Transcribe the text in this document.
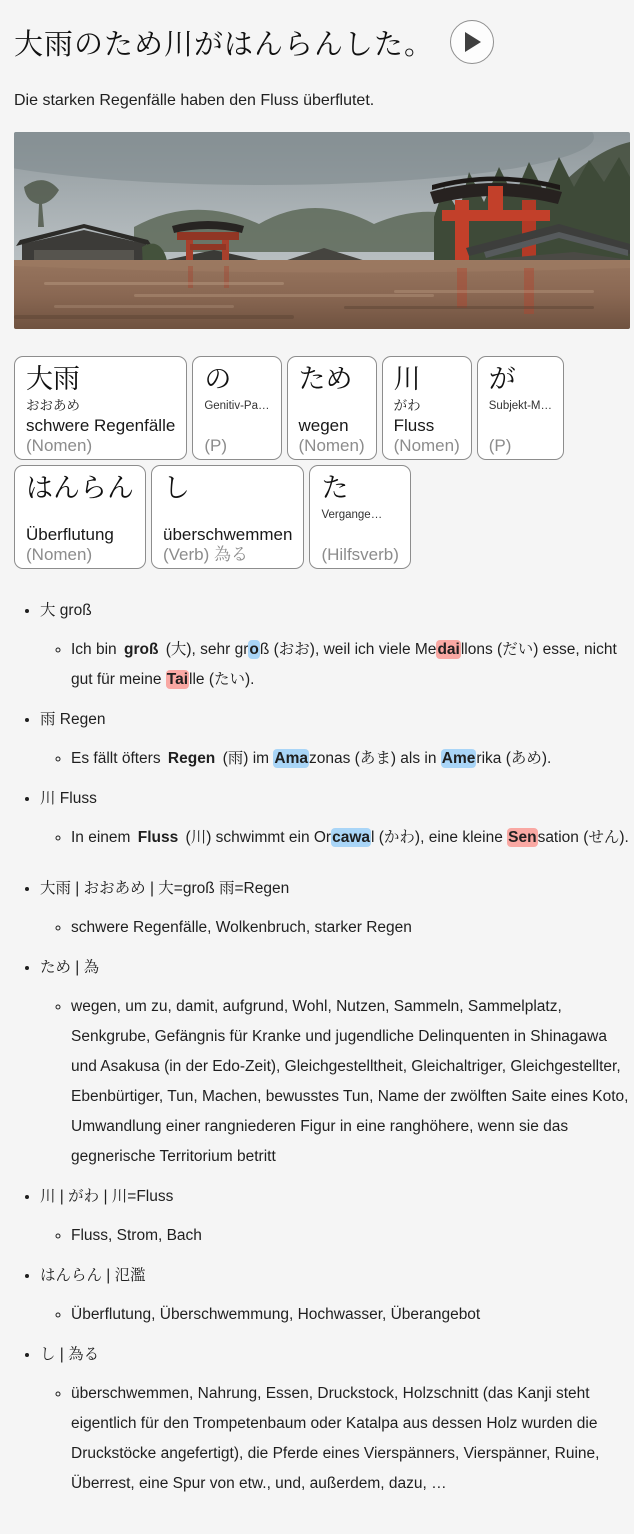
大雨のため川がはんらんした。

Die starken Regenfälle haben den Fluss überflutet.

大雨
おおあめ
schwere Regenfälle
(Nomen)
の
Genitiv-Pa…
(P)
ため
wegen
(Nomen)
川
がわ
Fluss
(Nomen)
が
Subjekt-M…
(P)
はんらん
Überflutung
(Nomen)
し
überschwemmen
(Verb) 為る
た
Vergange…
(Hilfsverb)
• 大 groß
◦ Ich bin groß (大), sehr groß (おお), weil ich viele Medaillons (だい) esse, nicht gut für meine Taille (たい).
• 雨 Regen
◦ Es fällt öfters Regen (雨) im Amazonas (あま) als in Amerika (あめ).
• 川 Fluss
◦ In einem Fluss (川) schwimmt ein Orcawal (かわ), eine kleine Sensation (せん).
• 大雨 | おおあめ | 大=groß 雨=Regen
◦ schwere Regenfälle, Wolkenbruch, starker Regen
• ため | 為
◦ wegen, um zu, damit, aufgrund, Wohl, Nutzen, Sammeln, Sammelplatz, Senkgrube, Gefängnis für Kranke und jugendliche Delinquenten in Shinagawa und Asakusa (in der Edo-Zeit), Gleichgestelltheit, Gleichaltriger, Gleichgestellter, Ebenbürtiger, Tun, Machen, bewusstes Tun, Name der zwölften Saite eines Koto, Umwandlung einer rangniederen Figur in eine ranghöhere, wenn sie das gegnerische Territorium betritt
• 川 | がわ | 川=Fluss
◦ Fluss, Strom, Bach
• はんらん | 氾濫
◦ Überflutung, Überschwemmung, Hochwasser, Überangebot
• し | 為る
◦ überschwemmen, Nahrung, Essen, Druckstock, Holzschnitt (das Kanji steht eigentlich für den Trompetenbaum oder Katalpa aus dessen Holz wurden die Druckstöcke angefertigt), die Pferde eines Vierspänners, Vierspänner, Ruine, Überrest, eine Spur von etw., und, außerdem, dazu, …
